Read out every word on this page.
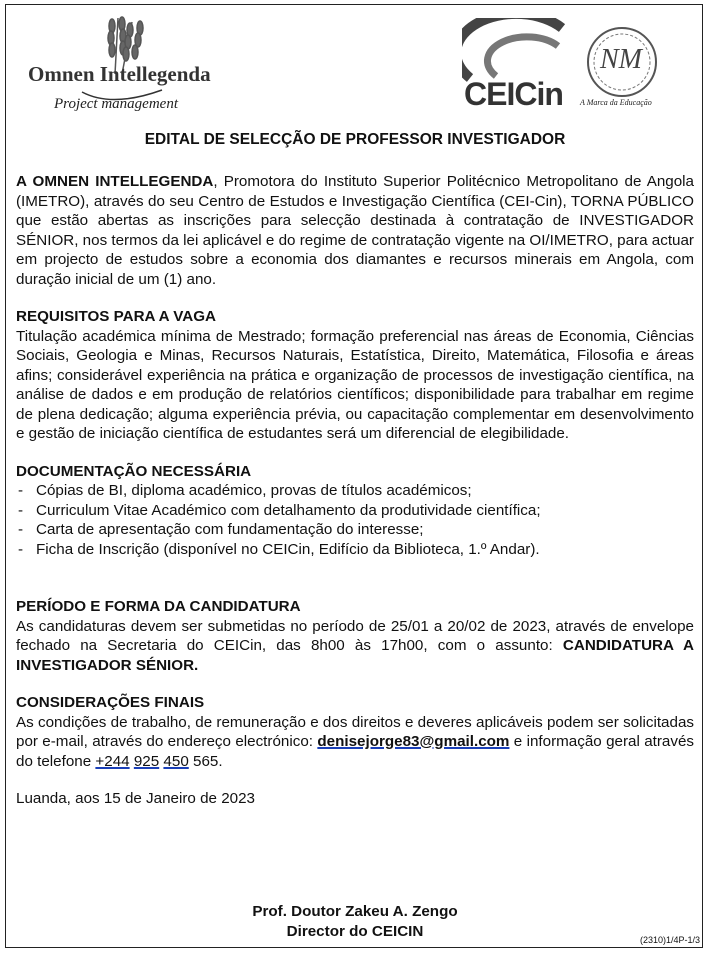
Omnen Intellegenda
Project management
NM
CEICin A Marca da Educação
EDITAL DE SELECÇÃO DE PROFESSOR INVESTIGADOR

A OMNEN INTELLEGENDA, Promotora do Instituto Superior Politécnico Metropolitano de Angola (IMETRO), através do seu Centro de Estudos e Investigação Científica (CEI-Cin), TORNA PÚBLICO que estão abertas as inscrições para selecção destinada à contratação de INVESTIGADOR SÉNIOR, nos termos da lei aplicável e do regime de contratação vigente na OI/IMETRO, para actuar em projecto de estudos sobre a economia dos diamantes e recursos minerais em Angola, com duração inicial de um (1) ano.

REQUISITOS PARA A VAGA
Titulação académica mínima de Mestrado; formação preferencial nas áreas de Economia, Ciências Sociais, Geologia e Minas, Recursos Naturais, Estatística, Direito, Matemática, Filosofia e áreas afins; considerável experiência na prática e organização de processos de investigação científica, na análise de dados e em produção de relatórios científicos; disponibilidade para trabalhar em regime de plena dedicação; alguma experiência prévia, ou capacitação complementar em desenvolvimento e gestão de iniciação científica de estudantes será um diferencial de elegibilidade.

DOCUMENTAÇÃO NECESSÁRIA
- Cópias de BI, diploma académico, provas de títulos académicos;
- Curriculum Vitae Académico com detalhamento da produtividade científica;
- Carta de apresentação com fundamentação do interesse;
- Ficha de Inscrição (disponível no CEICin, Edifício da Biblioteca, 1.º Andar).

PERÍODO E FORMA DA CANDIDATURA
As candidaturas devem ser submetidas no período de 25/01 a 20/02 de 2023, através de envelope fechado na Secretaria do CEICin, das 8h00 às 17h00, com o assunto: CANDIDATURA A INVESTIGADOR SÉNIOR.

CONSIDERAÇÕES FINAIS
As condições de trabalho, de remuneração e dos direitos e deveres aplicáveis podem ser solicitadas por e-mail, através do endereço electrónico: denisejorge83@gmail.com e informação geral através do telefone +244 925 450 565.

Luanda, aos 15 de Janeiro de 2023

Prof. Doutor Zakeu A. Zengo
Director do CEICIN	(2310)1/4P-1/3
